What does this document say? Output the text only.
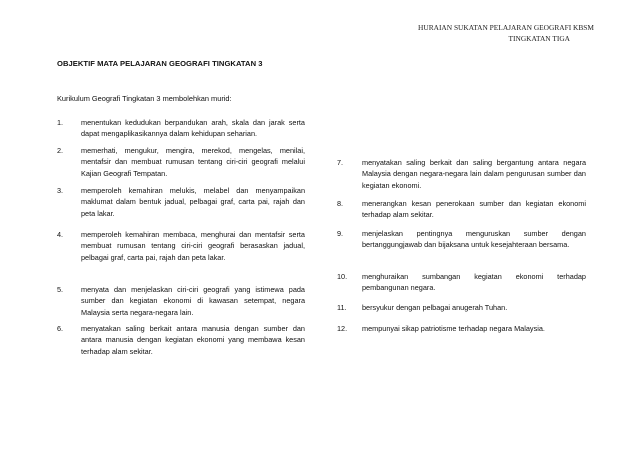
HURAIAN SUKATAN PELAJARAN GEOGRAFI KBSM
TINGKATAN TIGA
OBJEKTIF MATA PELAJARAN GEOGRAFI TINGKATAN 3
Kurikulum Geografi Tingkatan 3 membolehkan murid:
1.	menentukan kedudukan berpandukan arah, skala dan jarak serta dapat mengaplikasikannya dalam kehidupan seharian.
2.	memerhati, mengukur, mengira, merekod, mengelas, menilai, mentafsir dan membuat rumusan tentang ciri-ciri geografi melalui Kajian Geografi Tempatan.
3.	memperoleh kemahiran melukis, melabel dan menyampaikan maklumat dalam bentuk jadual, pelbagai graf, carta pai, rajah dan peta lakar.
4.	memperoleh kemahiran membaca, menghurai dan mentafsir serta membuat rumusan tentang ciri-ciri geografi berasaskan jadual, pelbagai graf, carta pai, rajah dan peta lakar.
5.	menyata dan menjelaskan ciri-ciri geografi yang istimewa pada sumber dan kegiatan ekonomi di kawasan setempat, negara Malaysia serta negara-negara lain.
6.	menyatakan saling berkait antara manusia dengan sumber dan antara manusia dengan kegiatan ekonomi yang membawa kesan terhadap alam sekitar.
7.	menyatakan saling berkait dan saling bergantung antara negara Malaysia dengan negara-negara lain dalam pengurusan sumber dan kegiatan ekonomi.
8.	menerangkan kesan penerokaan sumber dan kegiatan ekonomi terhadap alam sekitar.
9.	menjelaskan pentingnya menguruskan sumber dengan bertanggungjawab dan bijaksana untuk kesejahteraan bersama.
10.	menghuraikan sumbangan kegiatan ekonomi terhadap pembangunan negara.
11.	bersyukur dengan pelbagai anugerah Tuhan.
12.	mempunyai sikap patriotisme terhadap negara Malaysia.
